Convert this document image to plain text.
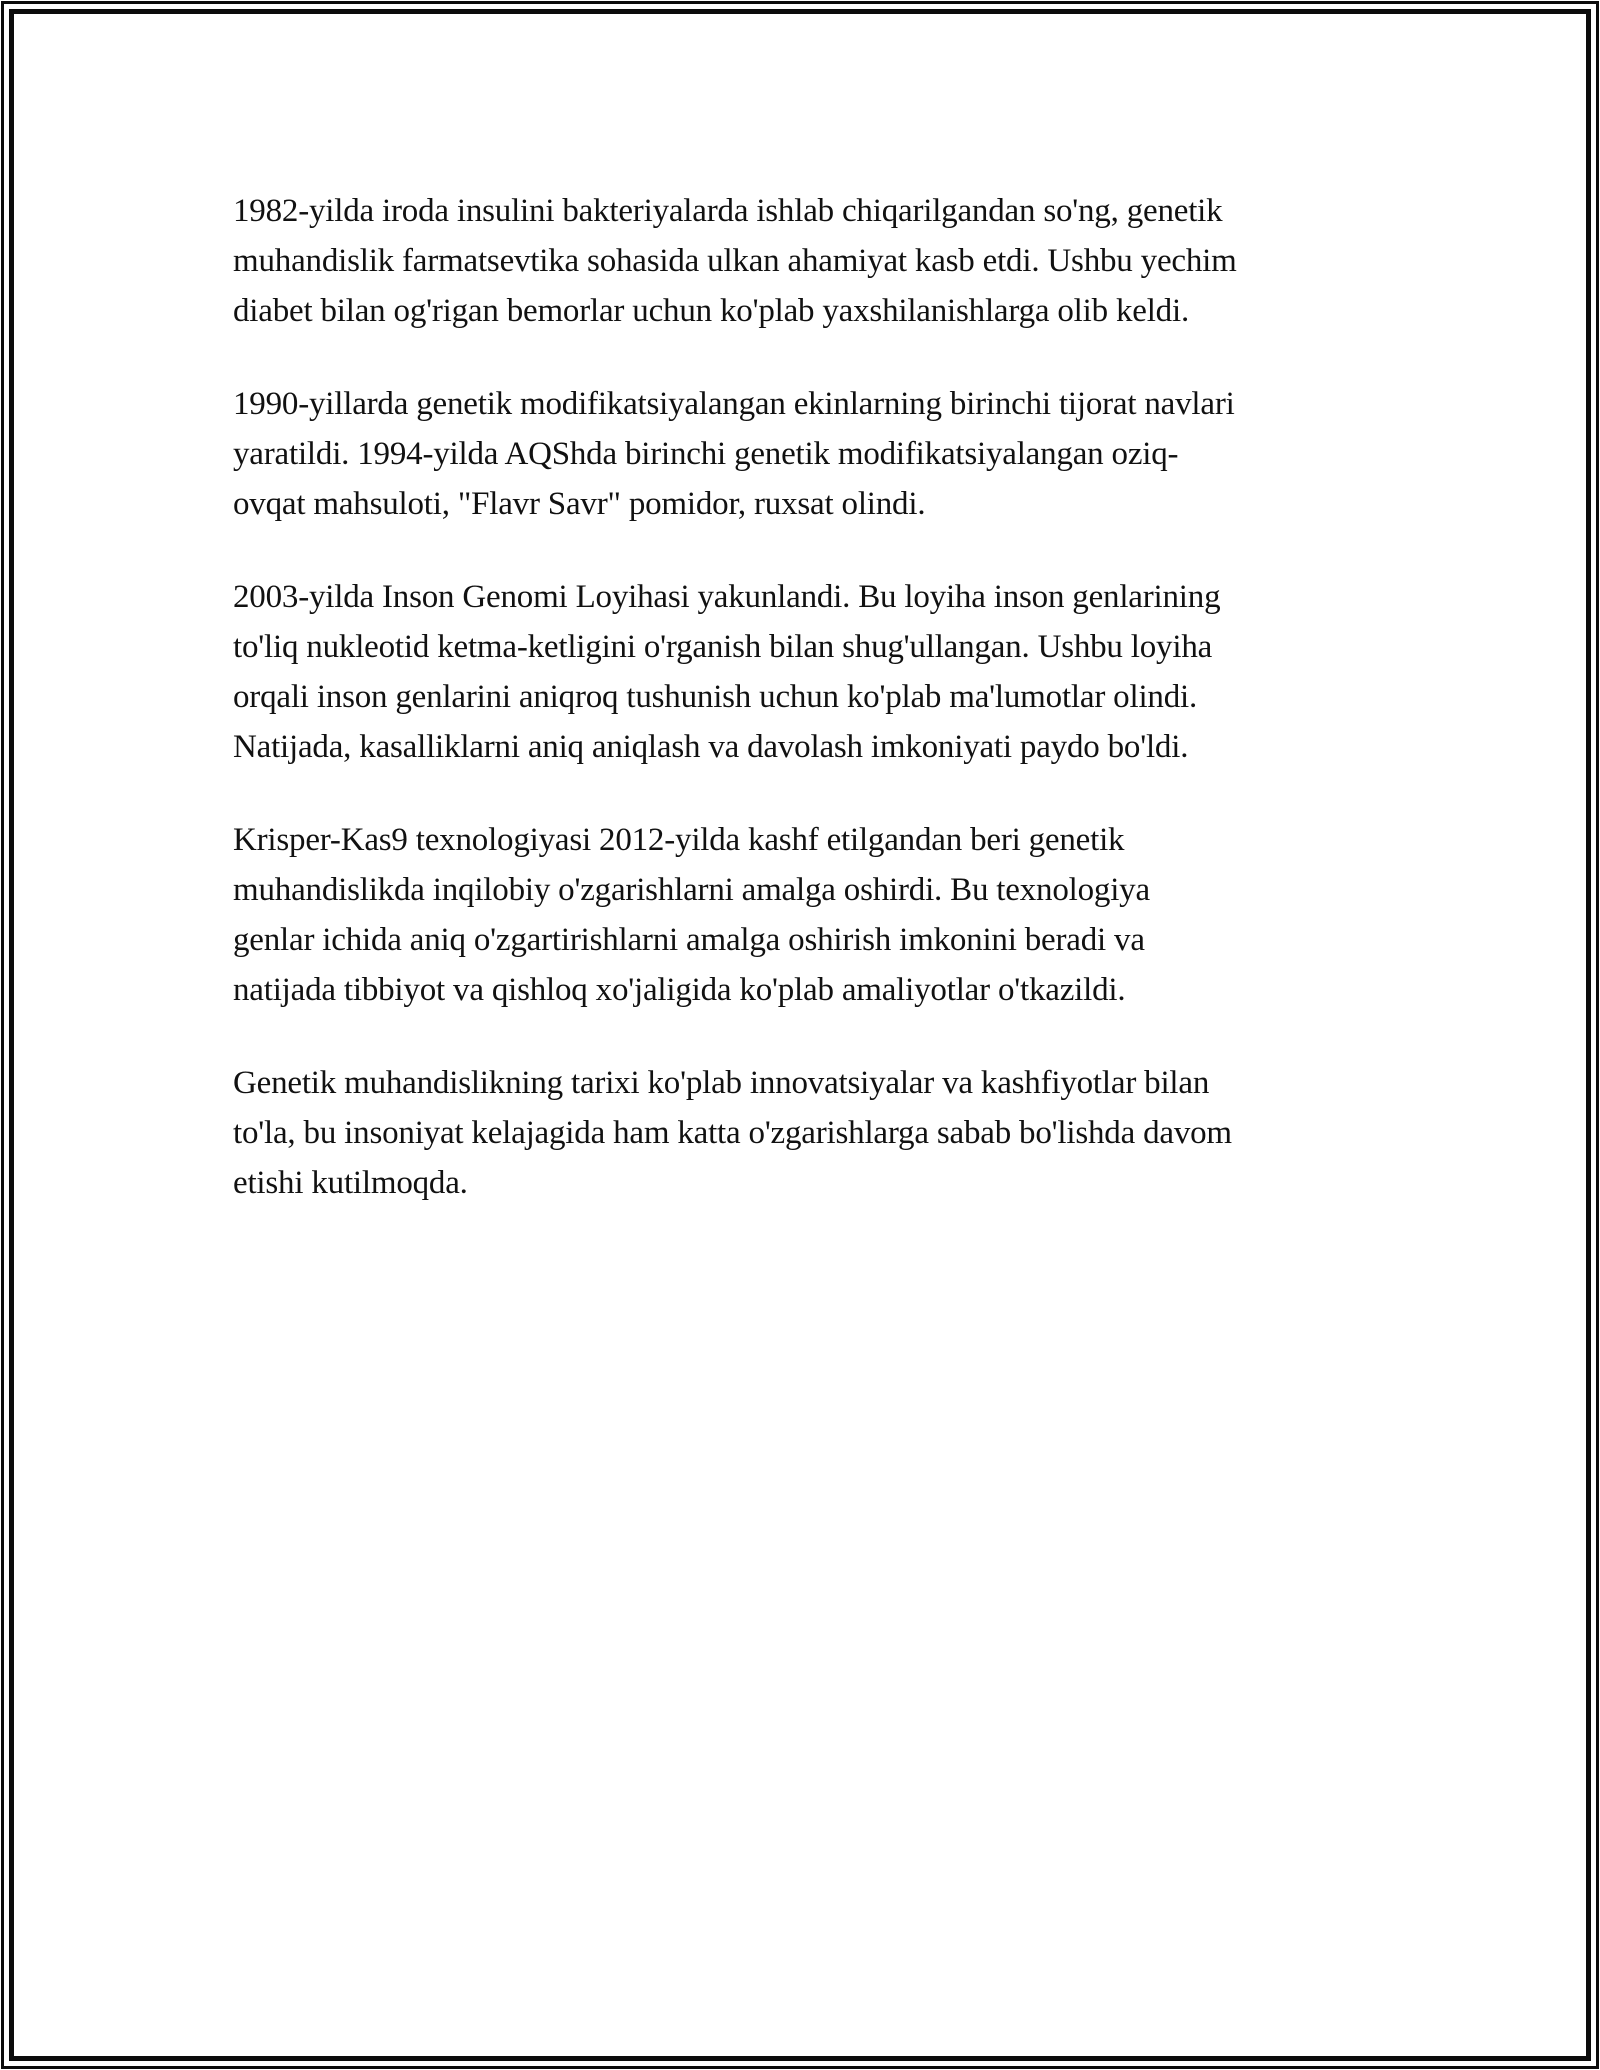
1982-yilda iroda insulini bakteriyalarda ishlab chiqarilgandan so'ng, genetik
muhandislik farmatsevtika sohasida ulkan ahamiyat kasb etdi. Ushbu yechim
diabet bilan og'rigan bemorlar uchun ko'plab yaxshilanishlarga olib keldi.

1990-yillarda genetik modifikatsiyalangan ekinlarning birinchi tijorat navlari
yaratildi. 1994-yilda AQShda birinchi genetik modifikatsiyalangan oziq-
ovqat mahsuloti, "Flavr Savr" pomidor, ruxsat olindi.

2003-yilda Inson Genomi Loyihasi yakunlandi. Bu loyiha inson genlarining
to'liq nukleotid ketma-ketligini o'rganish bilan shug'ullangan. Ushbu loyiha
orqali inson genlarini aniqroq tushunish uchun ko'plab ma'lumotlar olindi.
Natijada, kasalliklarni aniq aniqlash va davolash imkoniyati paydo bo'ldi.

Krisper-Kas9 texnologiyasi 2012-yilda kashf etilgandan beri genetik
muhandislikda inqilobiy o'zgarishlarni amalga oshirdi. Bu texnologiya
genlar ichida aniq o'zgartirishlarni amalga oshirish imkonini beradi va
natijada tibbiyot va qishloq xo'jaligida ko'plab amaliyotlar o'tkazildi.

Genetik muhandislikning tarixi ko'plab innovatsiyalar va kashfiyotlar bilan
to'la, bu insoniyat kelajagida ham katta o'zgarishlarga sabab bo'lishda davom
etishi kutilmoqda.
